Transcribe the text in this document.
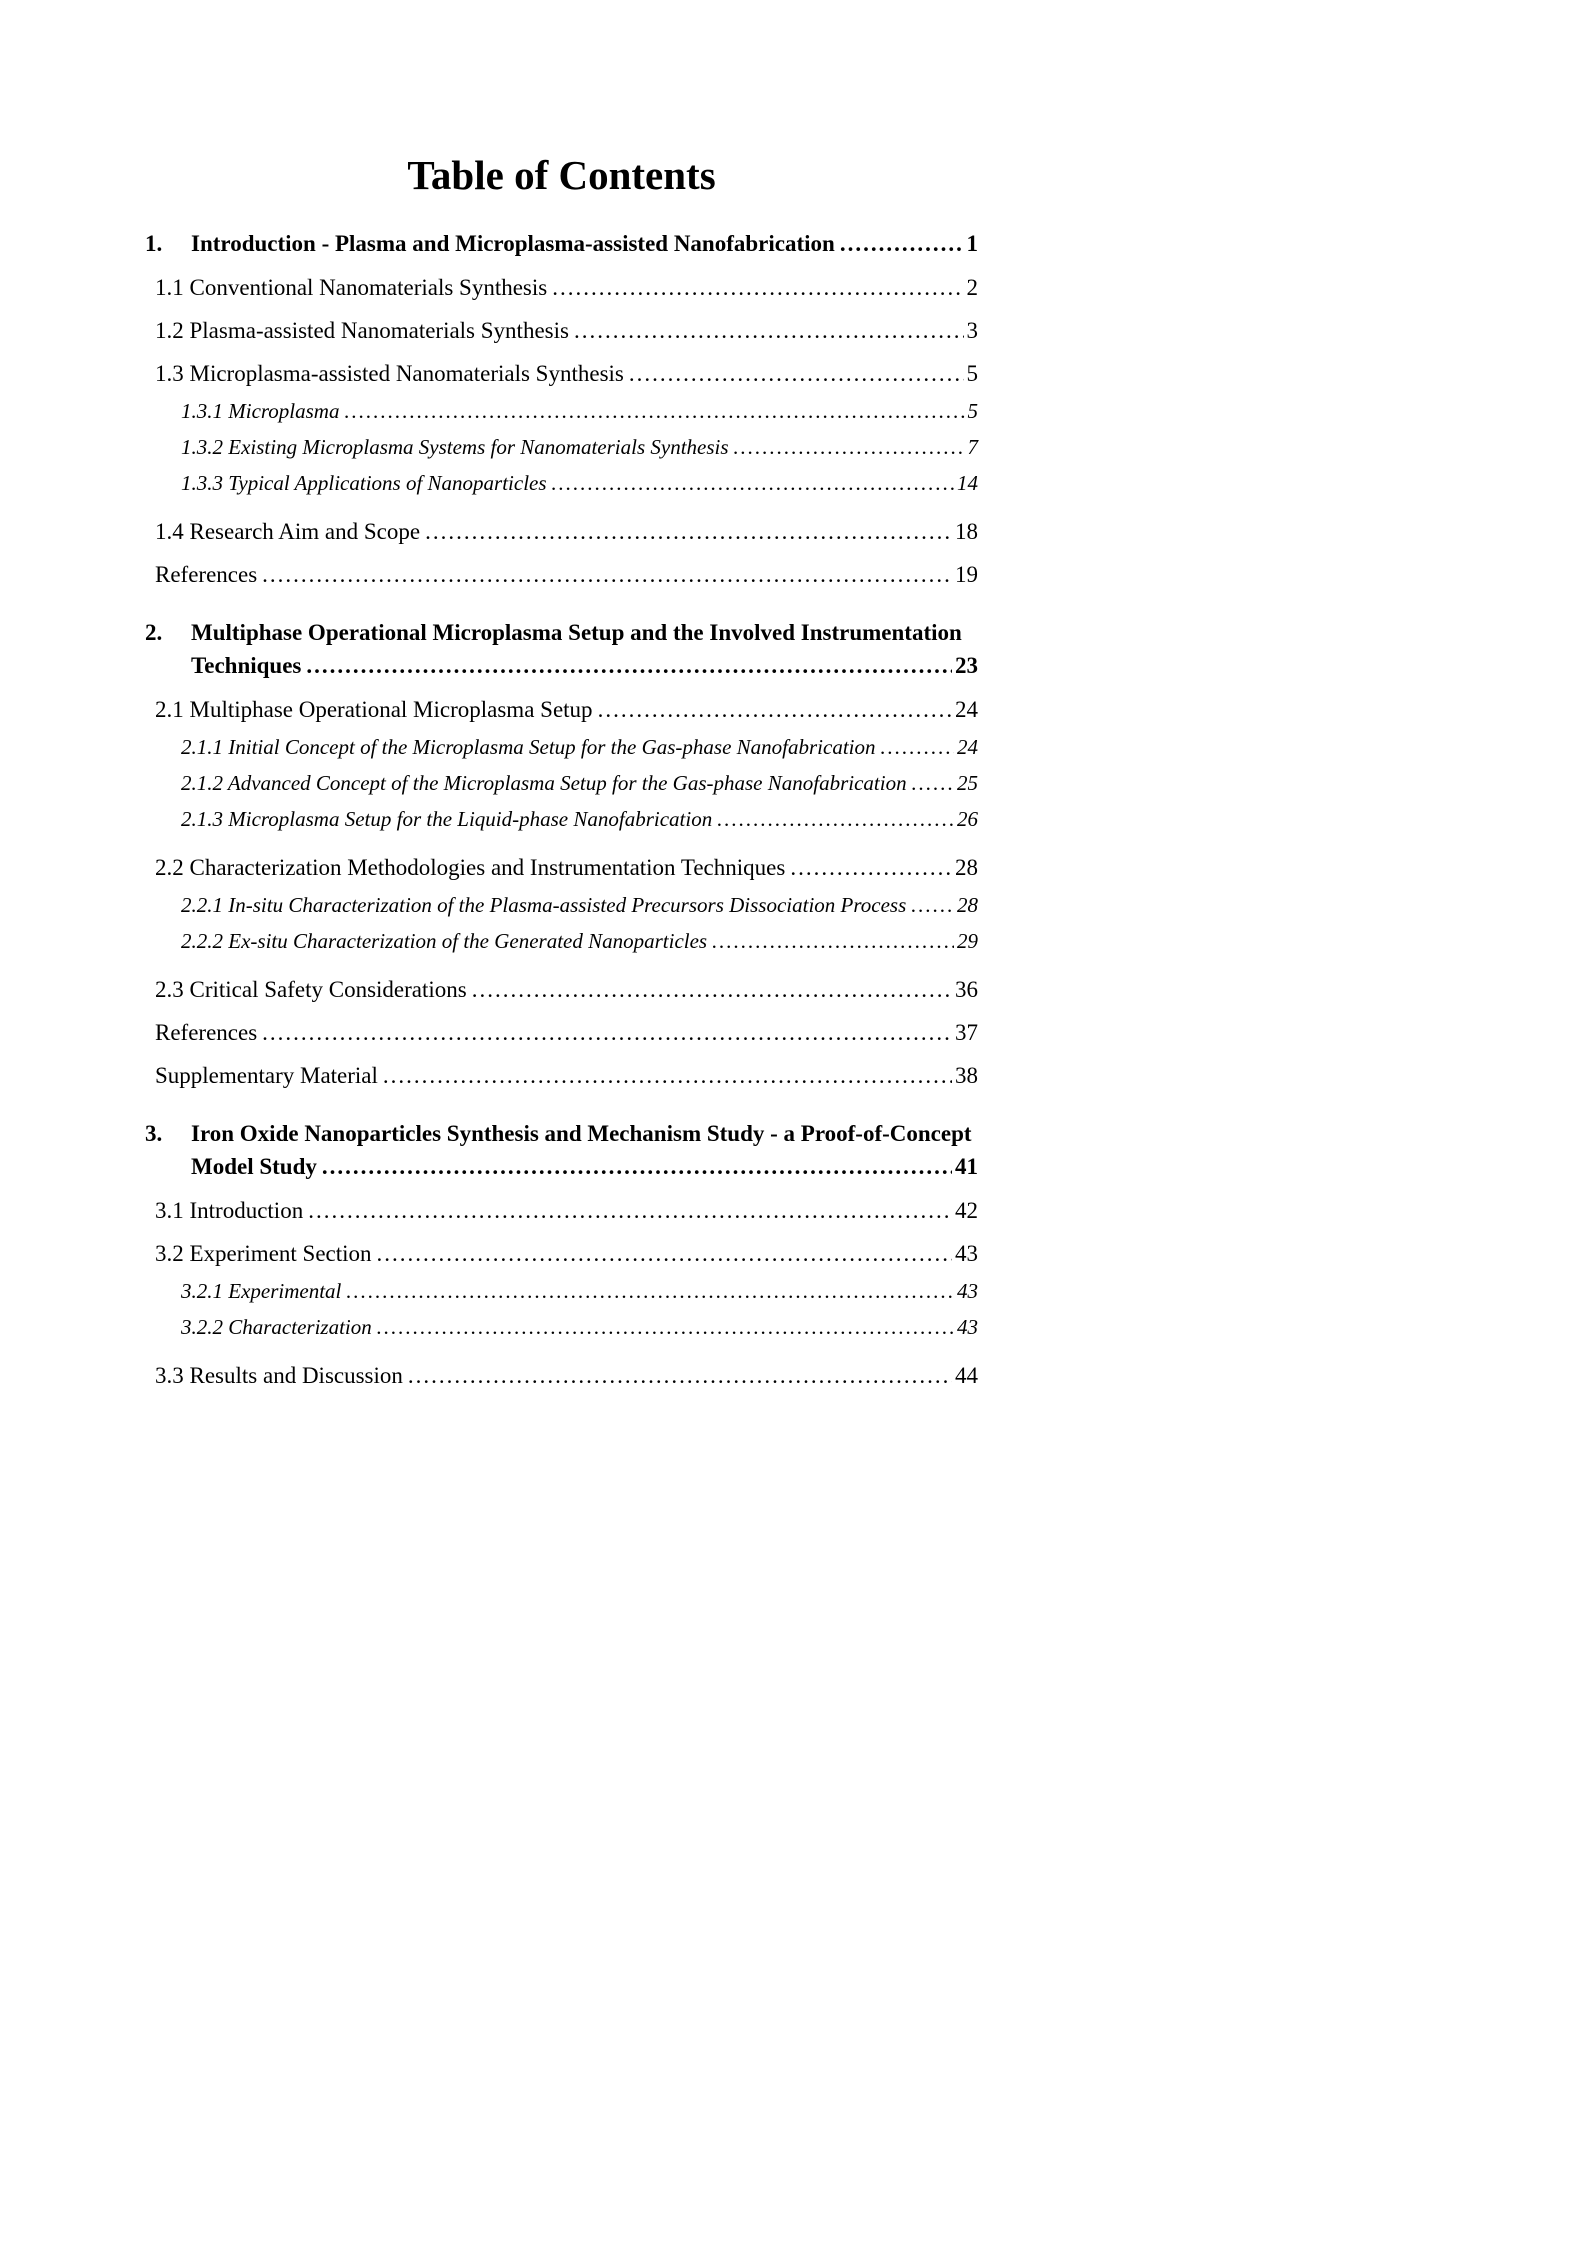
Table of Contents
1.	Introduction - Plasma and Microplasma-assisted Nanofabrication .....	1
1.1 Conventional Nanomaterials Synthesis .....	2
1.2 Plasma-assisted Nanomaterials Synthesis .....	3
1.3 Microplasma-assisted Nanomaterials Synthesis .....	5
1.3.1 Microplasma .....	5
1.3.2 Existing Microplasma Systems for Nanomaterials Synthesis .....	7
1.3.3 Typical Applications of Nanoparticles .....	14
1.4 Research Aim and Scope .....	18
References .....	19
2.	Multiphase Operational Microplasma Setup and the Involved Instrumentation
Techniques .....	23
2.1 Multiphase Operational Microplasma Setup .....	24
2.1.1 Initial Concept of the Microplasma Setup for the Gas-phase Nanofabrication .....	24
2.1.2 Advanced Concept of the Microplasma Setup for the Gas-phase Nanofabrication ..... 25
2.1.3 Microplasma Setup for the Liquid-phase Nanofabrication .....	26
2.2 Characterization Methodologies and Instrumentation Techniques .....	28
2.2.1 In-situ Characterization of the Plasma-assisted Precursors Dissociation Process ..... 28
2.2.2 Ex-situ Characterization of the Generated Nanoparticles .....	29
2.3 Critical Safety Considerations .....	36
References .....	37
Supplementary Material .....	38
3.	Iron Oxide Nanoparticles Synthesis and Mechanism Study - a Proof-of-Concept
Model Study .....	41
3.1 Introduction .....	42
3.2 Experiment Section .....	43
3.2.1 Experimental .....	43
3.2.2 Characterization .....	43
3.3 Results and Discussion .....	44
